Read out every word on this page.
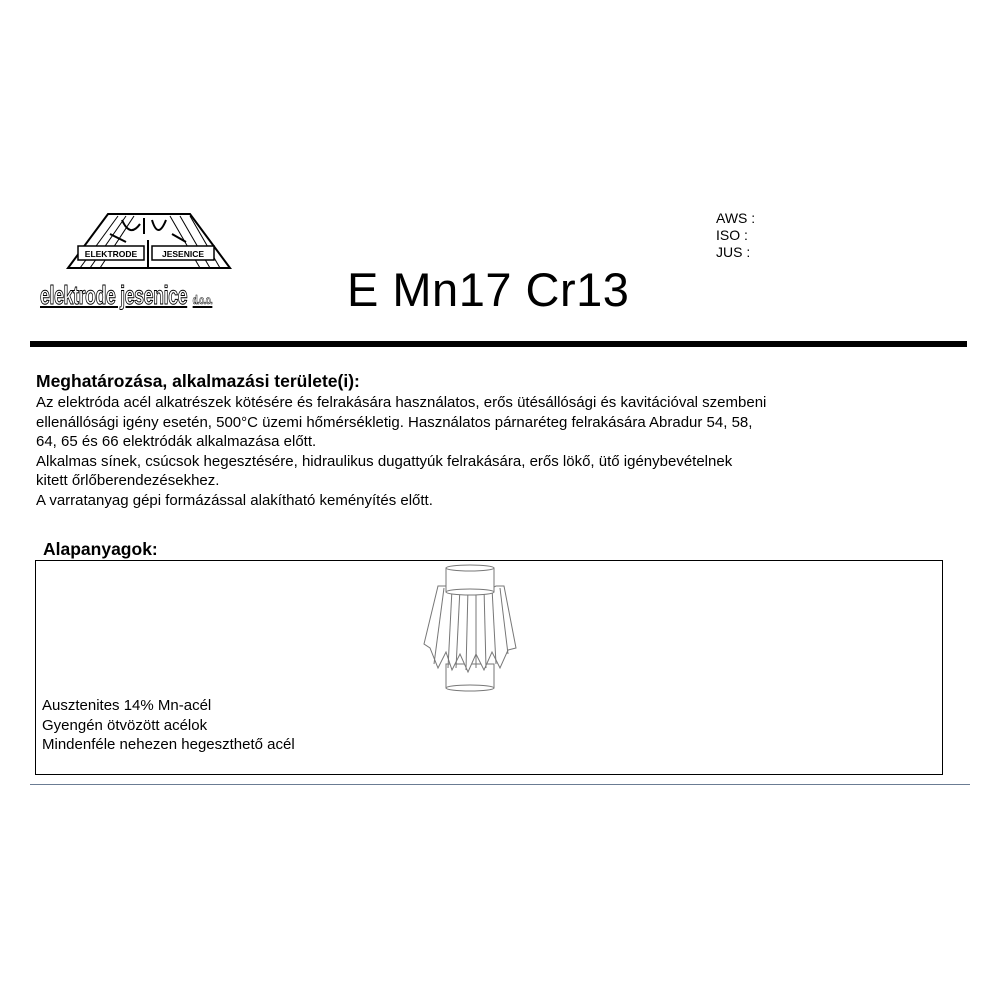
ELEKTRODE	JESENICE
elektrode jesenice d.o.o.	E Mn17 Cr13
AWS :
ISO :
JUS :
Meghatározása, alkalmazási területe(i):
Az elektróda acél alkatrészek kötésére és felrakására használatos, erős ütésállósági és kavitációval szembeni
ellenállósági igény esetén, 500°C üzemi hőmérsékletig. Használatos párnaréteg felrakására Abradur 54, 58,
64, 65 és 66 elektródák alkalmazása előtt.
Alkalmas sínek, csúcsok hegesztésére, hidraulikus dugattyúk felrakására, erős lökő, ütő igénybevételnek
kitett őrlőberendezésekhez.
A varratanyag gépi formázással alakítható keményítés előtt.
Alapanyagok:
Ausztenites 14% Mn-acél
Gyengén ötvözött acélok
Mindenféle nehezen hegeszthető acél
